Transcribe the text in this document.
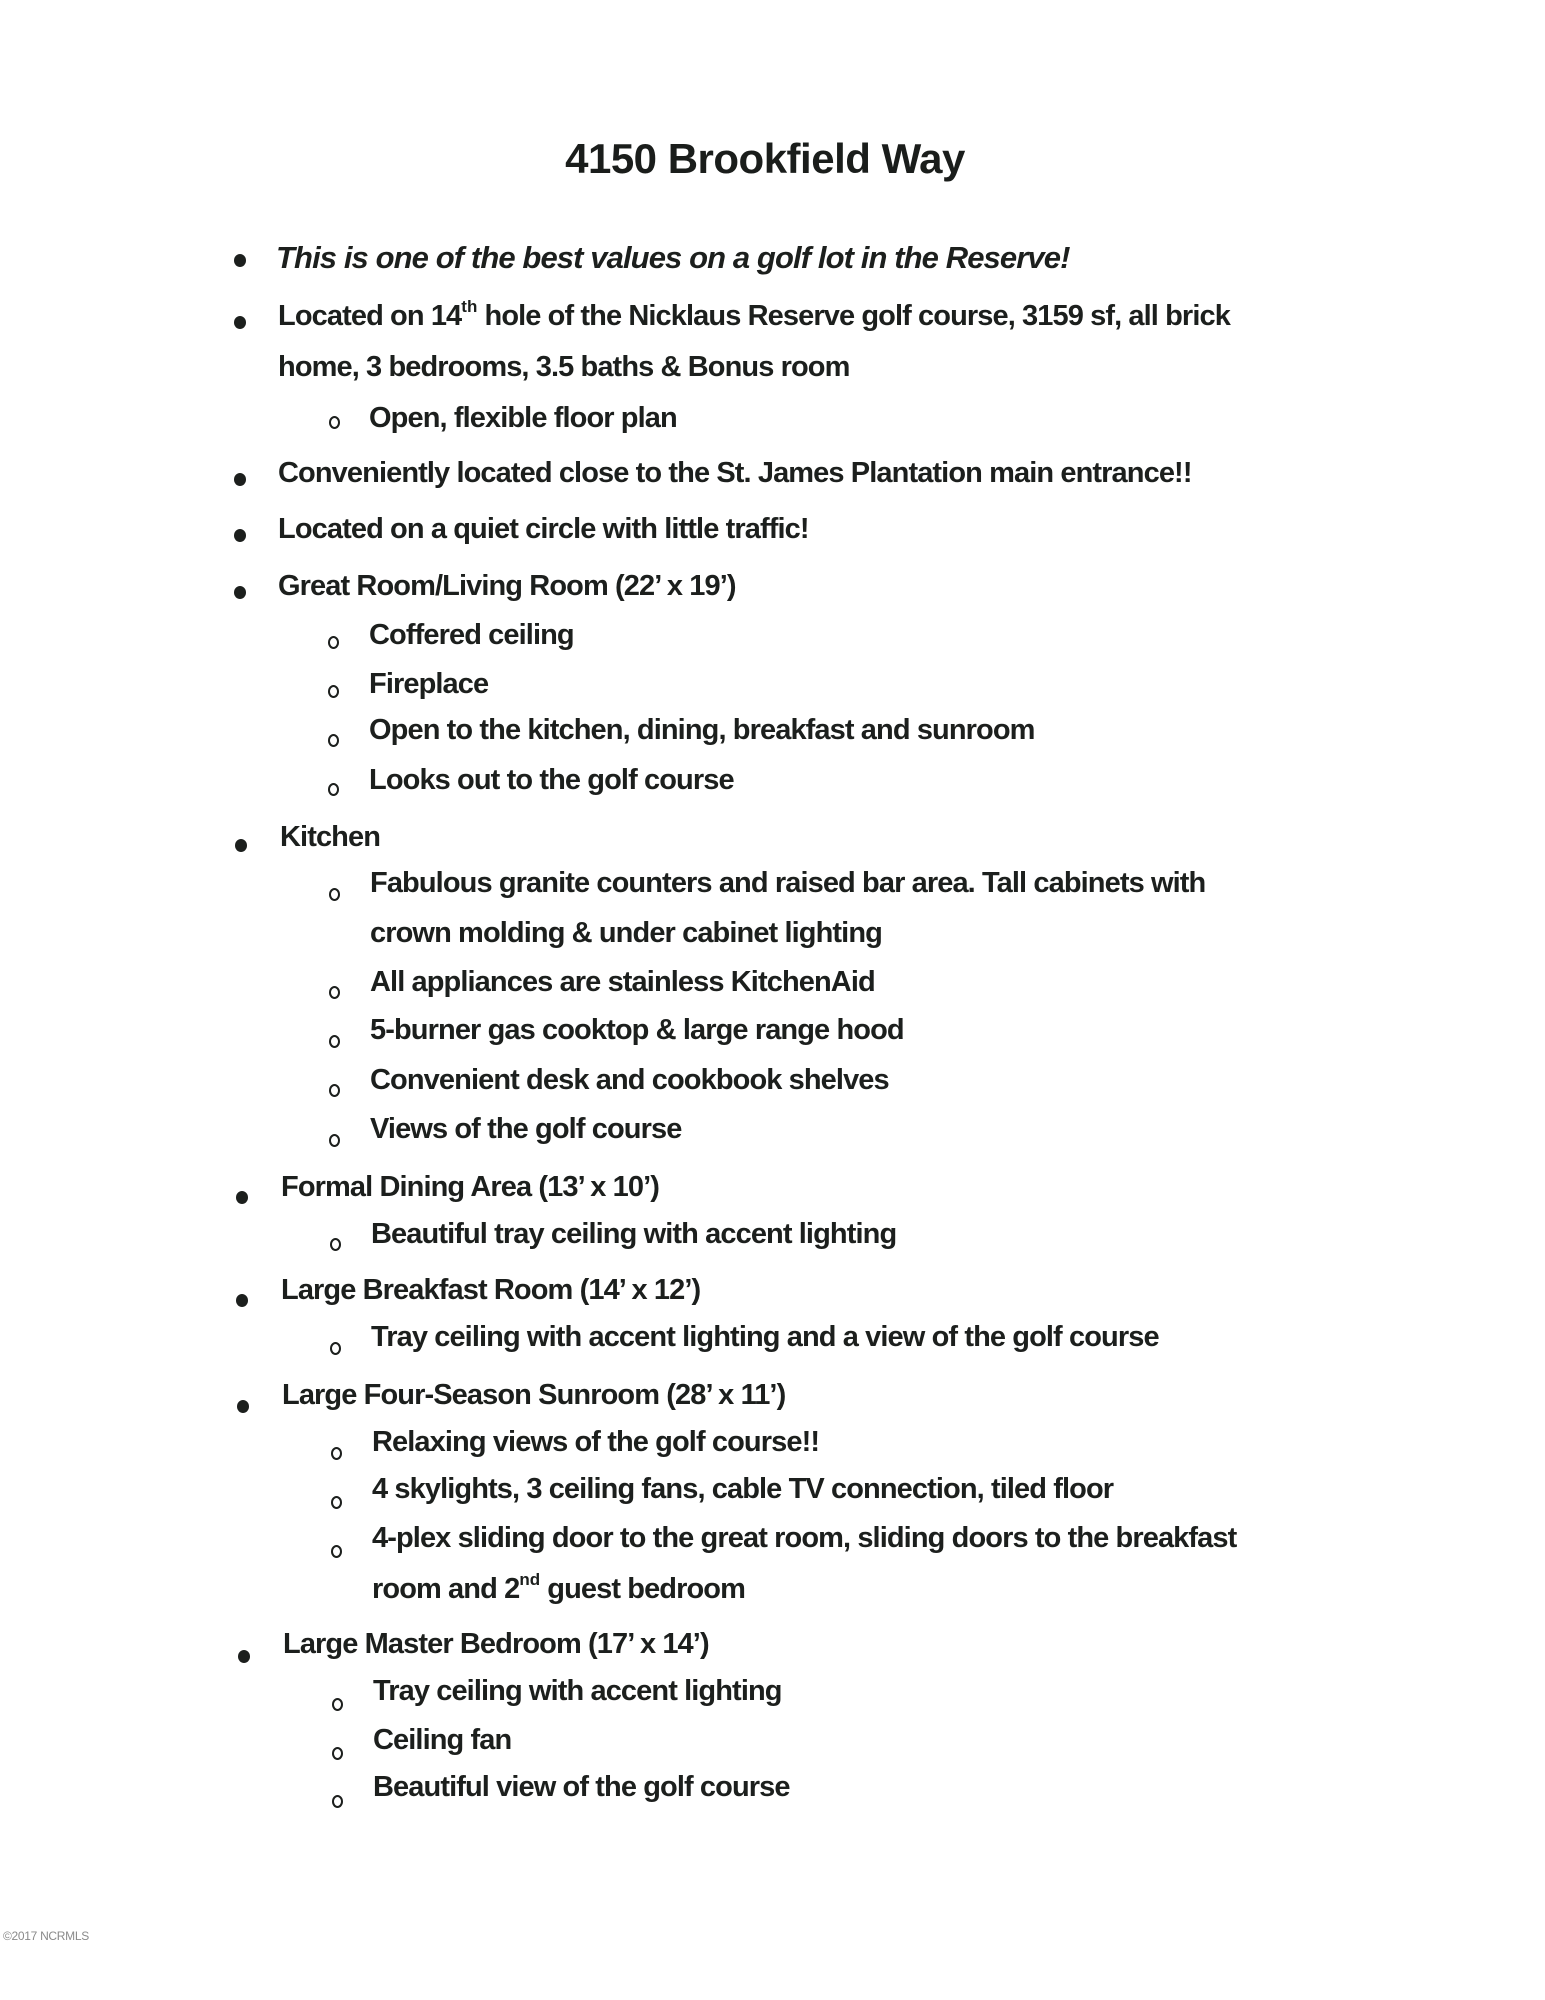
4150 Brookfield Way
This is one of the best values on a golf lot in the Reserve!
Located on 14th hole of the Nicklaus Reserve golf course, 3159 sf, all brick
home, 3 bedrooms, 3.5 baths & Bonus room
Open, flexible floor plan
Conveniently located close to the St. James Plantation main entrance!!
Located on a quiet circle with little traffic!
Great Room/Living Room (22’ x 19’)
Coffered ceiling
Fireplace
Open to the kitchen, dining, breakfast and sunroom
Looks out to the golf course
Kitchen
Fabulous granite counters and raised bar area. Tall cabinets with
crown molding & under cabinet lighting
All appliances are stainless KitchenAid
5-burner gas cooktop & large range hood
Convenient desk and cookbook shelves
Views of the golf course
Formal Dining Area (13’ x 10’)
Beautiful tray ceiling with accent lighting
Large Breakfast Room (14’ x 12’)
Tray ceiling with accent lighting and a view of the golf course
Large Four-Season Sunroom (28’ x 11’)
Relaxing views of the golf course!!
4 skylights, 3 ceiling fans, cable TV connection, tiled floor
4-plex sliding door to the great room, sliding doors to the breakfast
room and 2nd guest bedroom
Large Master Bedroom (17’ x 14’)
Tray ceiling with accent lighting
Ceiling fan
Beautiful view of the golf course
©2017 NCRMLS
